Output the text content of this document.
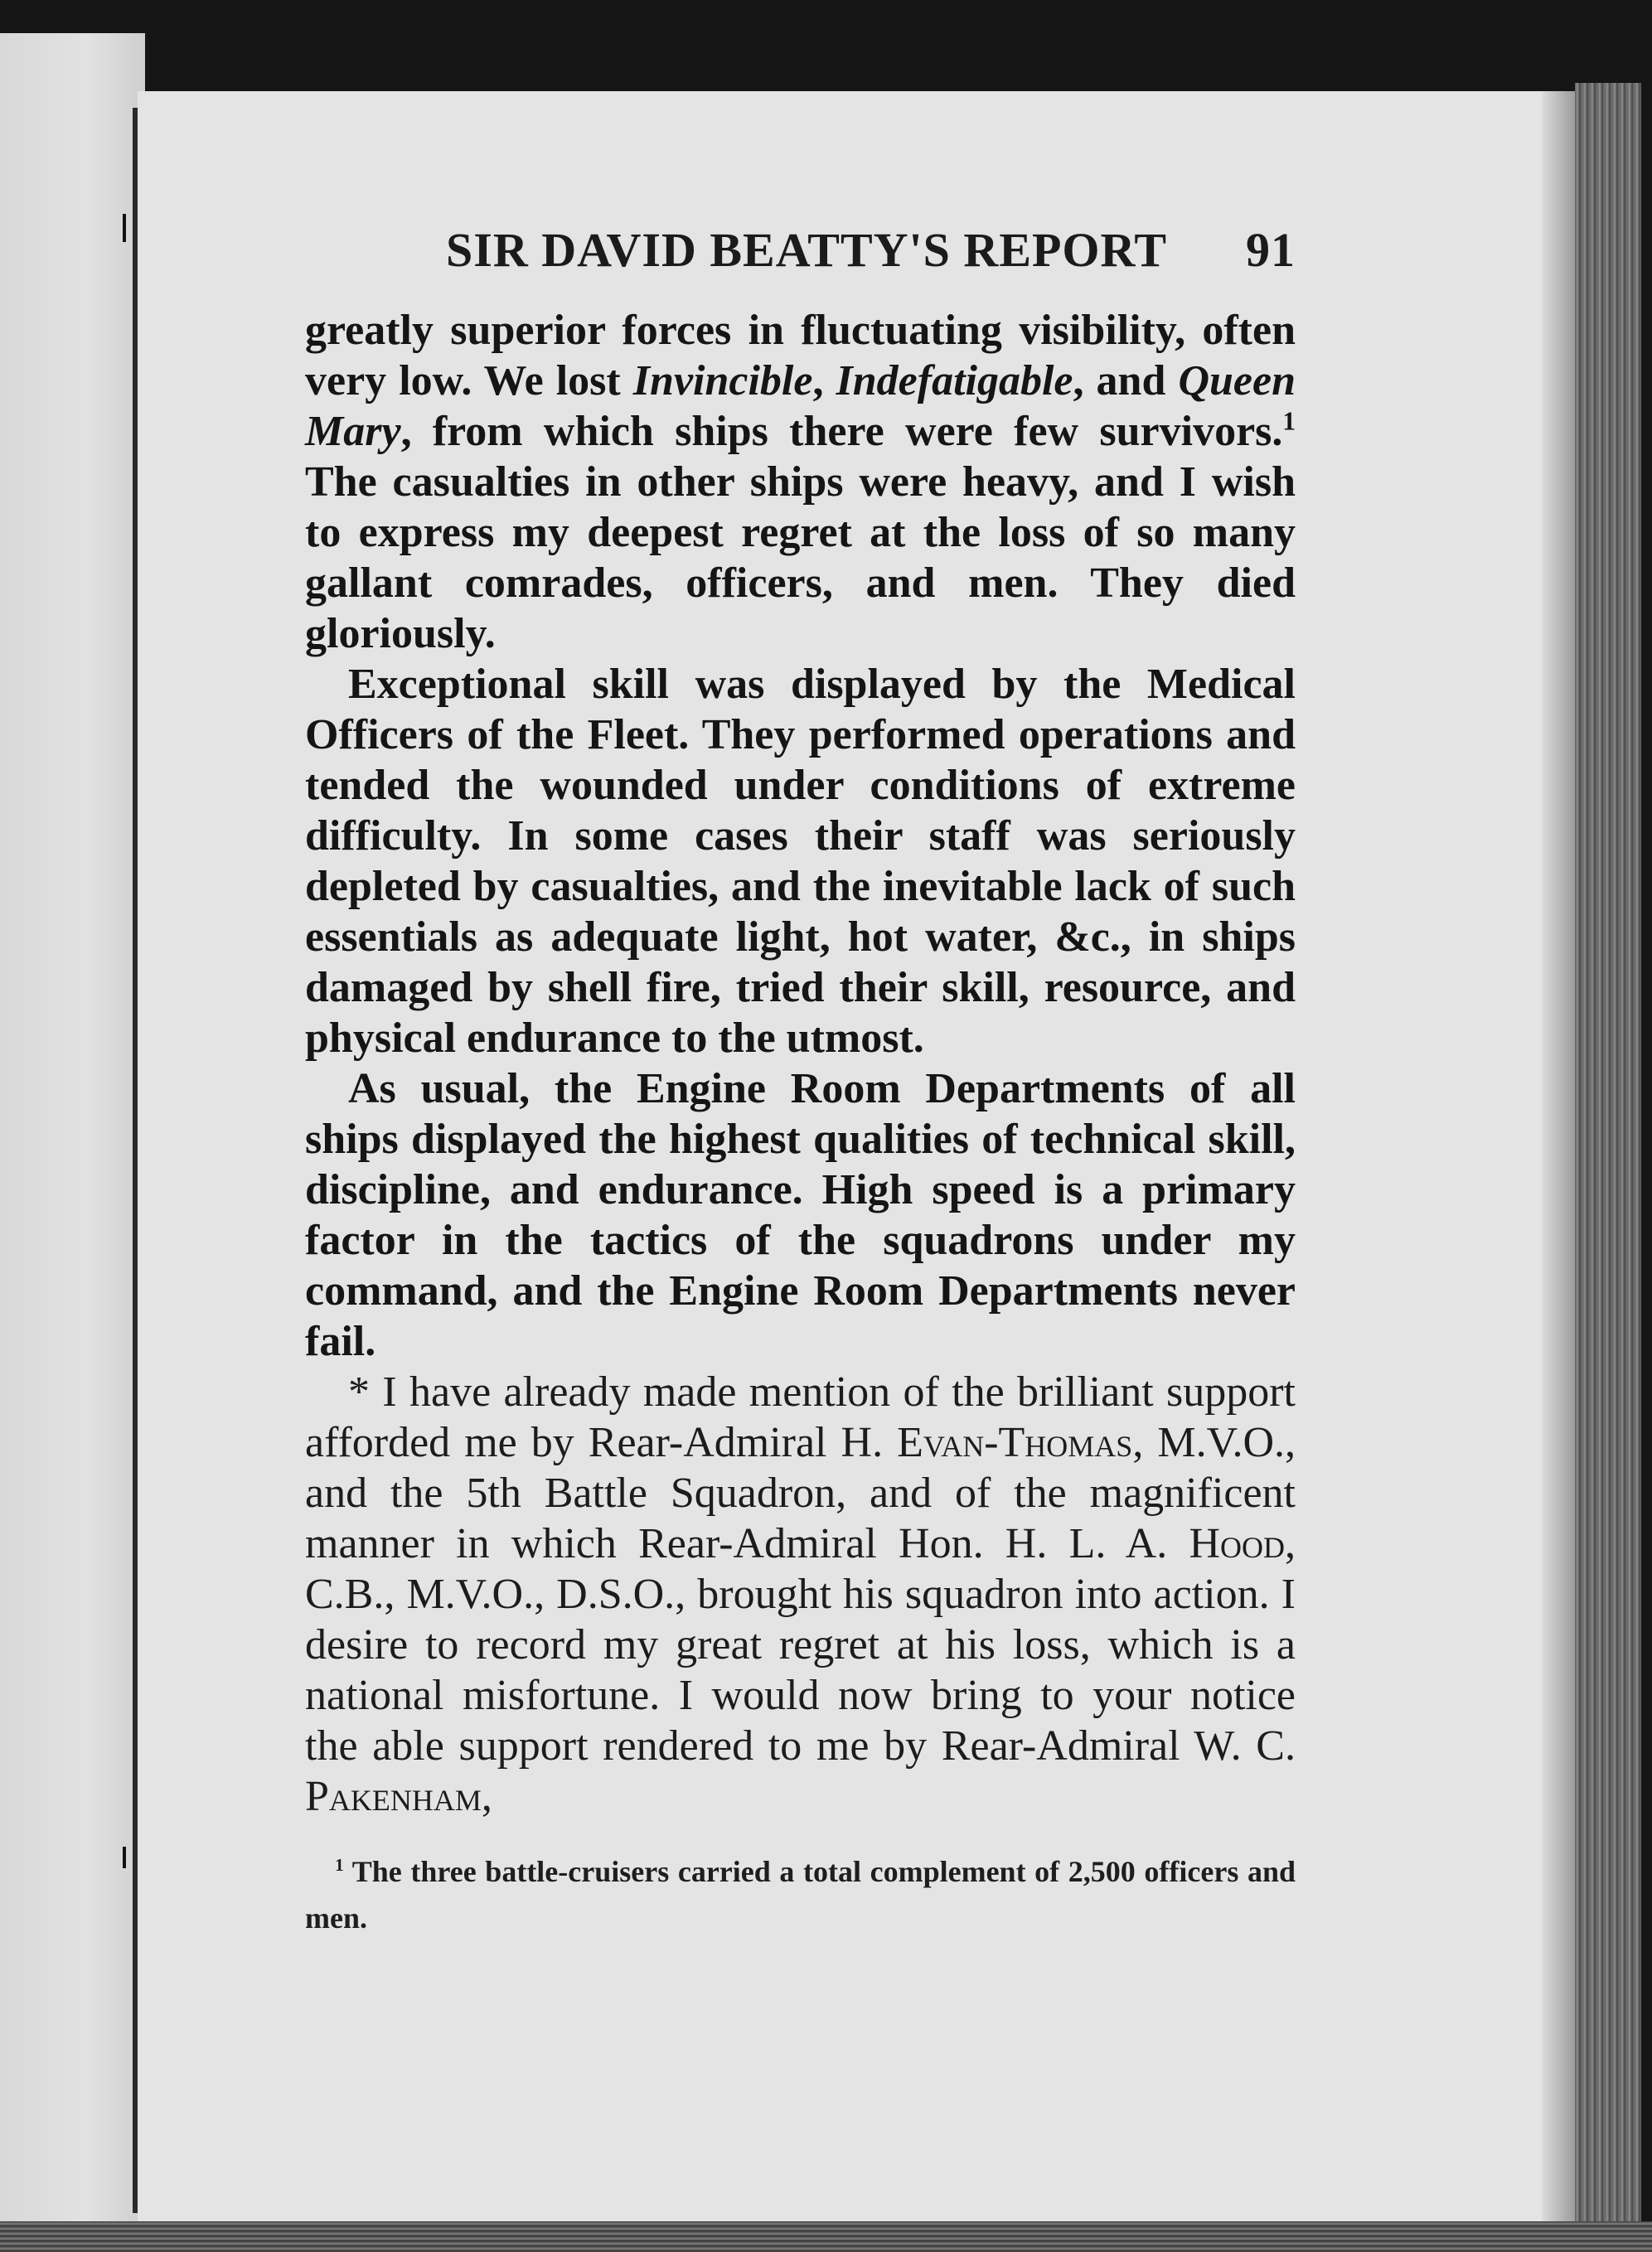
SIR DAVID BEATTY'S REPORT 91

greatly superior forces in fluctuating visibility, often very low. We lost Invincible, Indefatigable, and Queen Mary, from which ships there were few survivors.$^1$ The casualties in other ships were heavy, and I wish to express my deepest regret at the loss of so many gallant comrades, officers, and men. They died gloriously.

Exceptional skill was displayed by the Medical Officers of the Fleet. They performed operations and tended the wounded under conditions of extreme difficulty. In some cases their staff was seriously depleted by casualties, and the inevitable lack of such essentials as adequate light, hot water, &c., in ships damaged by shell fire, tried their skill, resource, and physical endurance to the utmost.

As usual, the Engine Room Departments of all ships displayed the highest qualities of technical skill, discipline, and endurance. High speed is a primary factor in the tactics of the squadrons under my command, and the Engine Room Departments never fail.

* I have already made mention of the brilliant support afforded me by Rear-Admiral H. Evan-Thomas, M.V.O., and the 5th Battle Squadron, and of the magnificent manner in which Rear-Admiral Hon. H. L. A. Hood, C.B., M.V.O., D.S.O., brought his squadron into action. I desire to record my great regret at his loss, which is a national misfortune. I would now bring to your notice the able support rendered to me by Rear-Admiral W. C. Pakenham,

$^1$ The three battle-cruisers carried a total complement of 2,500 officers and men.
